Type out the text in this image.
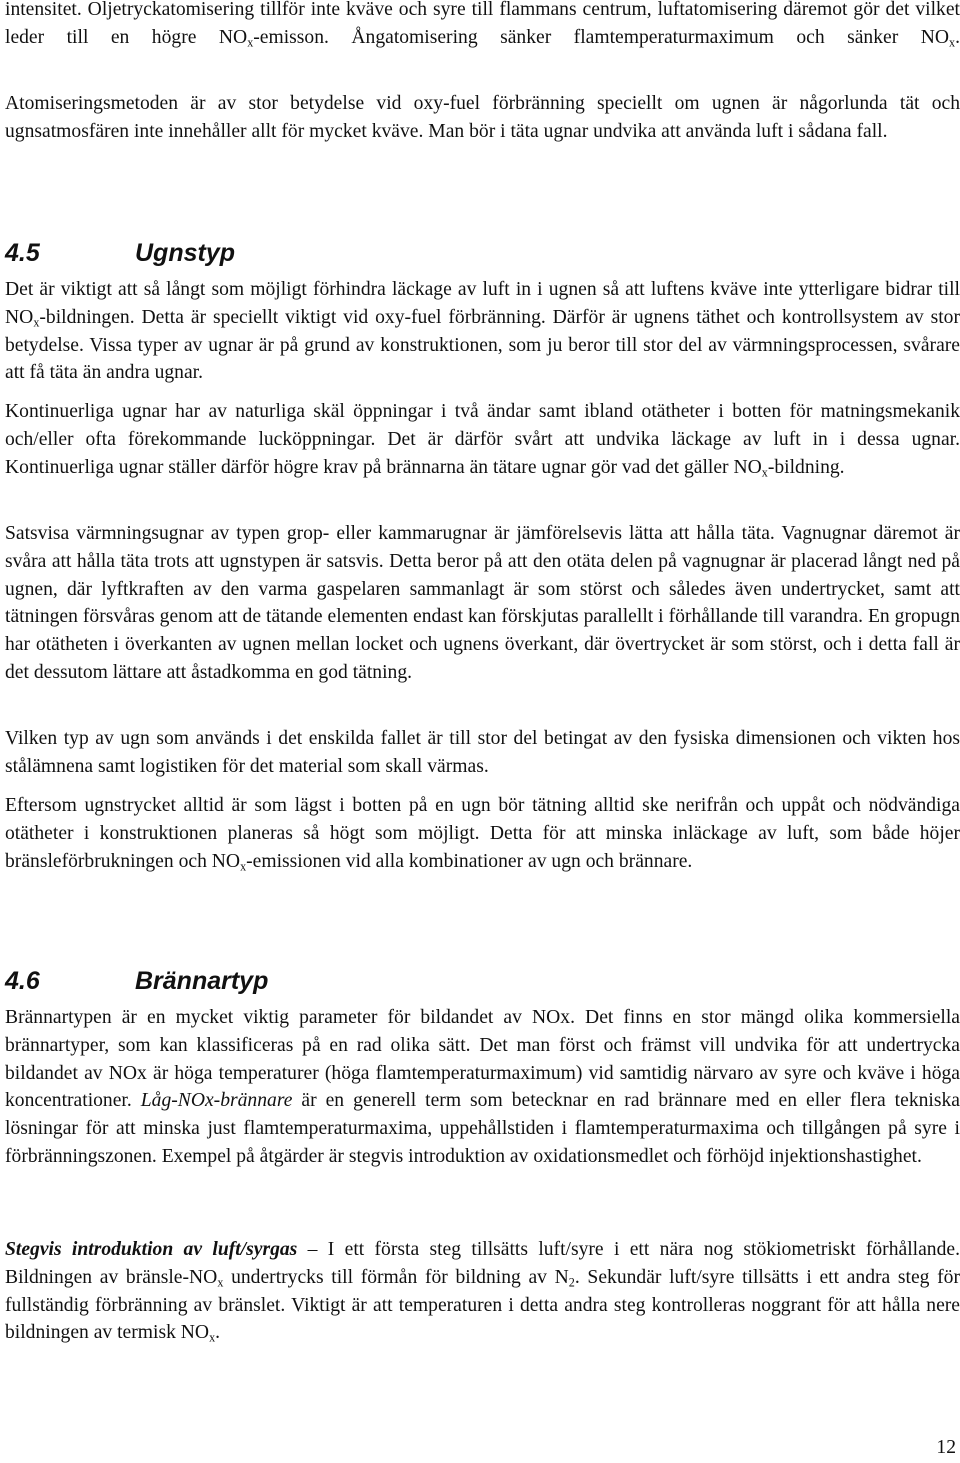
intensitet. Oljetryckatomisering tillför inte kväve och syre till flammans centrum, luftatomisering däremot gör det vilket leder till en högre $NO_x$-emisson. Ångatomisering sänker flamtemperaturmaximum och sänker $NO_x$.
Atomiseringsmetoden är av stor betydelse vid oxy-fuel förbränning speciellt om ugnen är någorlunda tät och ugnsatmosfären inte innehåller allt för mycket kväve. Man bör i täta ugnar undvika att använda luft i sådana fall.
4.5	Ugnstyp
Det är viktigt att så långt som möjligt förhindra läckage av luft in i ugnen så att luftens kväve inte ytterligare bidrar till $NO_x$-bildningen. Detta är speciellt viktigt vid oxy-fuel förbränning. Därför är ugnens täthet och kontrollsystem av stor betydelse. Vissa typer av ugnar är på grund av konstruktionen, som ju beror till stor del av värmningsprocessen, svårare att få täta än andra ugnar.
Kontinuerliga ugnar har av naturliga skäl öppningar i två ändar samt ibland otätheter i botten för matningsmekanik och/eller ofta förekommande lucköppningar. Det är därför svårt att undvika läckage av luft in i dessa ugnar. Kontinuerliga ugnar ställer därför högre krav på brännarna än tätare ugnar gör vad det gäller $NO_x$-bildning.
Satsvisa värmningsugnar av typen grop- eller kammarugnar är jämförelsevis lätta att hålla täta. Vagnugnar däremot är svåra att hålla täta trots att ugnstypen är satsvis. Detta beror på att den otäta delen på vagnugnar är placerad långt ned på ugnen, där lyftkraften av den varma gaspelaren sammanlagt är som störst och således även undertrycket, samt att tätningen försvåras genom att de tätande elementen endast kan förskjutas parallellt i förhållande till varandra. En gropugn har otätheten i överkanten av ugnen mellan locket och ugnens överkant, där övertrycket är som störst, och i detta fall är det dessutom lättare att åstadkomma en god tätning.
Vilken typ av ugn som används i det enskilda fallet är till stor del betingat av den fysiska dimensionen och vikten hos stålämnena samt logistiken för det material som skall värmas.
Eftersom ugnstrycket alltid är som lägst i botten på en ugn bör tätning alltid ske nerifrån och uppåt och nödvändiga otätheter i konstruktionen planeras så högt som möjligt. Detta för att minska inläckage av luft, som både höjer bränsleförbrukningen och $NO_x$-emissionen vid alla kombinationer av ugn och brännare.
4.6	Brännartyp
Brännartypen är en mycket viktig parameter för bildandet av NOx. Det finns en stor mängd olika kommersiella brännartyper, som kan klassificeras på en rad olika sätt. Det man först och främst vill undvika för att undertrycka bildandet av NOx är höga temperaturer (höga flamtemperaturmaximum) vid samtidig närvaro av syre och kväve i höga koncentrationer. Låg-NOx-brännare är en generell term som betecknar en rad brännare med en eller flera tekniska lösningar för att minska just flamtemperaturmaxima, uppehållstiden i flamtemperaturmaxima och tillgången på syre i förbränningszonen. Exempel på åtgärder är stegvis introduktion av oxidationsmedlet och förhöjd injektionshastighet.
Stegvis introduktion av luft/syrgas – I ett första steg tillsätts luft/syre i ett nära nog stökiometriskt förhållande. Bildningen av bränsle-$NO_x$ undertrycks till förmån för bildning av $N_2$. Sekundär luft/syre tillsätts i ett andra steg för fullständig förbränning av bränslet. Viktigt är att temperaturen i detta andra steg kontrolleras noggrant för att hålla nere bildningen av termisk $NO_x$.
12
